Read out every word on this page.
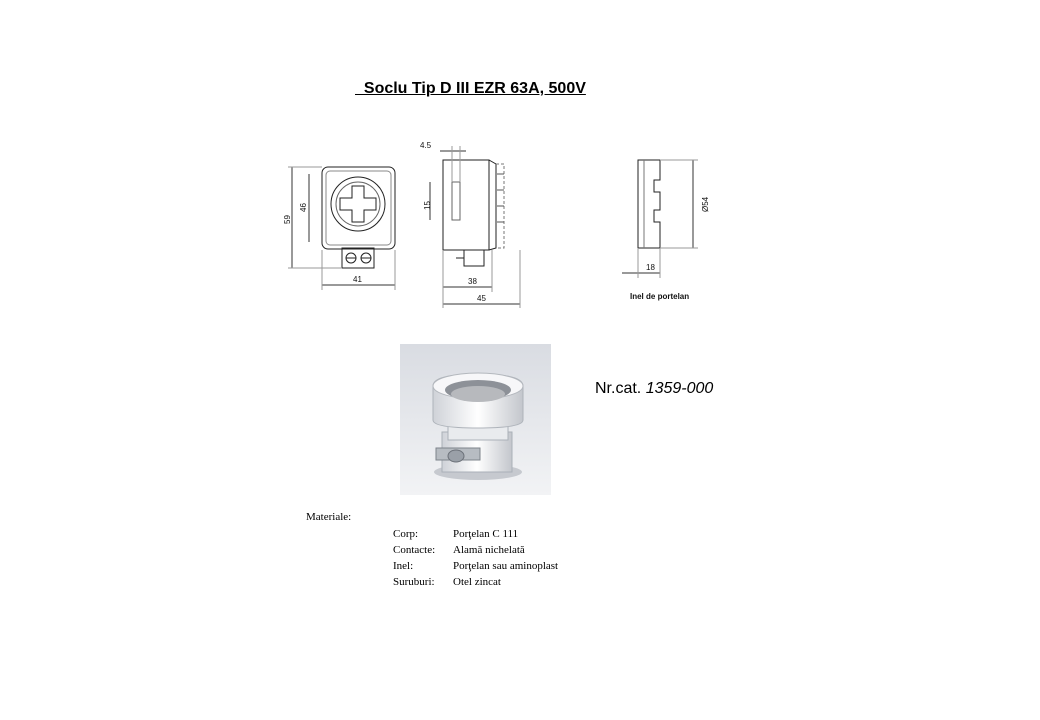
Soclu Tip D III EZR 63A, 500V
59
46
41
4.5
15
38
45
Ø54
18
Inel de portelan
Nr.cat. 1359-000
Materiale:
Corp:	Porţelan C 111
Contacte:	Alamă nichelată
Inel:	Porţelan sau aminoplast
Suruburi:	Otel zincat
